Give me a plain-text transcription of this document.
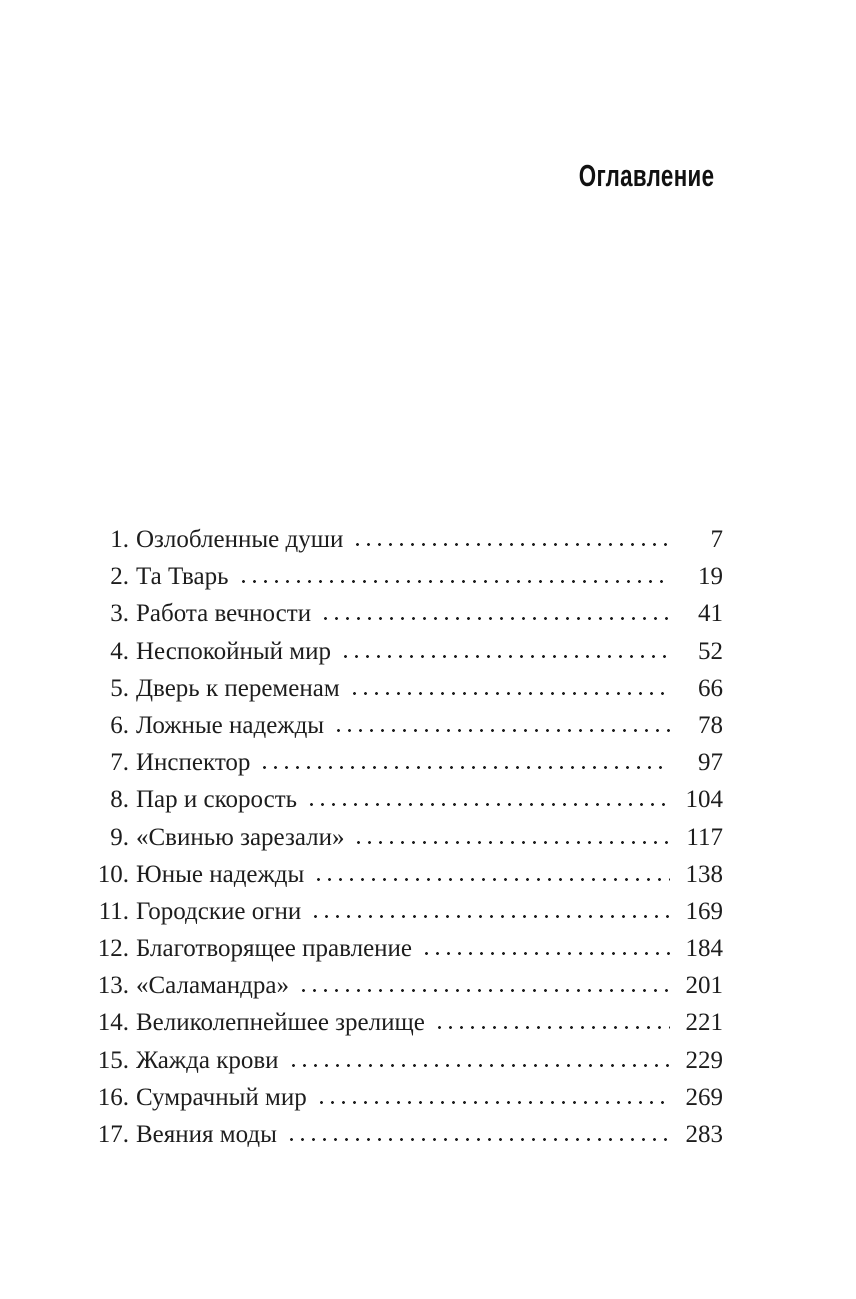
Оглавление
1. Озлобленные души	7
2. Та Тварь	19
3. Работа вечности	41
4. Неспокойный мир	52
5. Дверь к переменам	66
6. Ложные надежды	78
7. Инспектор	97
8. Пар и скорость	104
9. «Свинью зарезали»	117
10. Юные надежды	138
11. Городские огни	169
12. Благотворящее правление	184
13. «Саламандра»	201
14. Великолепнейшее зрелище	221
15. Жажда крови	229
16. Сумрачный мир	269
17. Веяния моды	283
